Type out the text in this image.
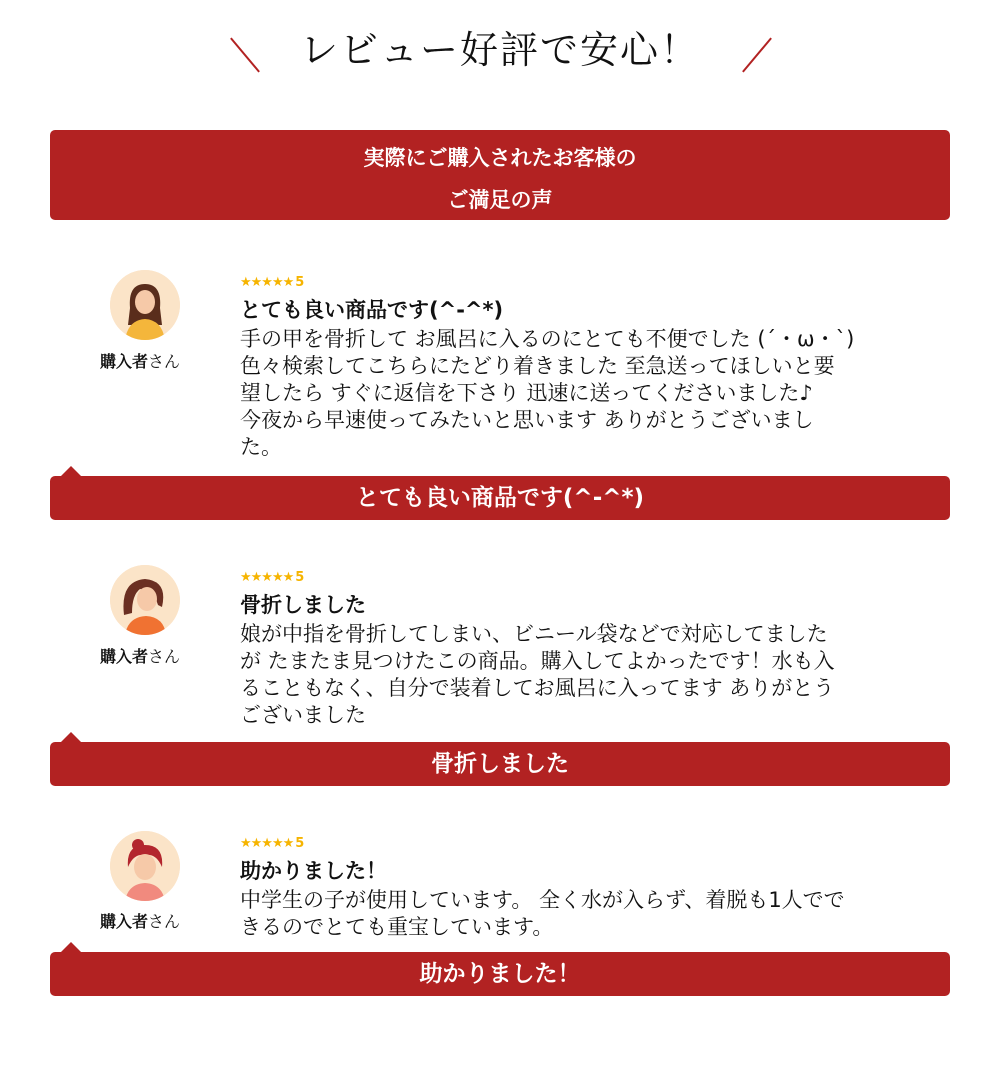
レビュー好評で安心！
実際にご購入されたお客様の
ご満足の声
購入者さん
★★★★★ 5
とても良い商品です(^-^*)
手の甲を骨折して お風呂に入るのにとても不便でした (´・ω・`)
色々検索してこちらにたどり着きました 至急送ってほしいと要
望したら すぐに返信を下さり 迅速に送ってくださいました♪
今夜から早速使ってみたいと思います ありがとうございまし
た。
とても良い商品です(^-^*)
購入者さん
★★★★★ 5
骨折しました
娘が中指を骨折してしまい、ビニール袋などで対応してました
が たまたま見つけたこの商品。購入してよかったです！水も入
ることもなく、自分で装着してお風呂に入ってます ありがとう
ございました
骨折しました
購入者さん
★★★★★ 5
助かりました！
中学生の子が使用しています。 全く水が入らず、着脱も1人でで
きるのでとても重宝しています。
助かりました！
